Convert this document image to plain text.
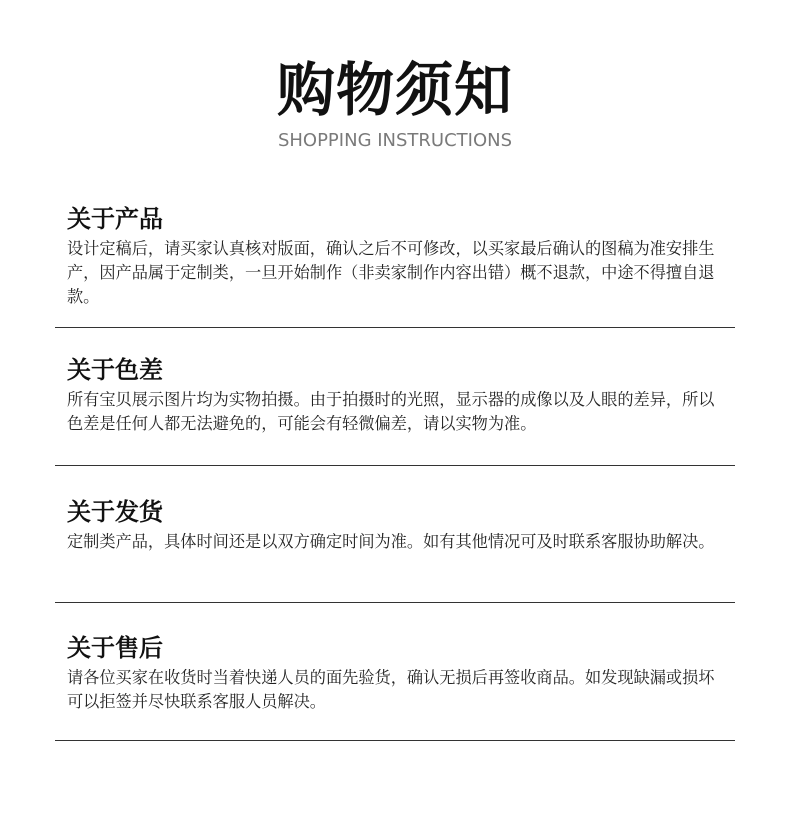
购物须知
SHOPPING INSTRUCTIONS
关于产品
设计定稿后，请买家认真核对版面，确认之后不可修改，以买家最后确认的图稿为准安排生产，因产品属于定制类，一旦开始制作（非卖家制作内容出错）概不退款，中途不得擅自退款。
关于色差
所有宝贝展示图片均为实物拍摄。由于拍摄时的光照，显示器的成像以及人眼的差异，所以色差是任何人都无法避免的，可能会有轻微偏差，请以实物为准。
关于发货
定制类产品，具体时间还是以双方确定时间为准。如有其他情况可及时联系客服协助解决。
关于售后
请各位买家在收货时当着快递人员的面先验货，确认无损后再签收商品。如发现缺漏或损坏可以拒签并尽快联系客服人员解决。
